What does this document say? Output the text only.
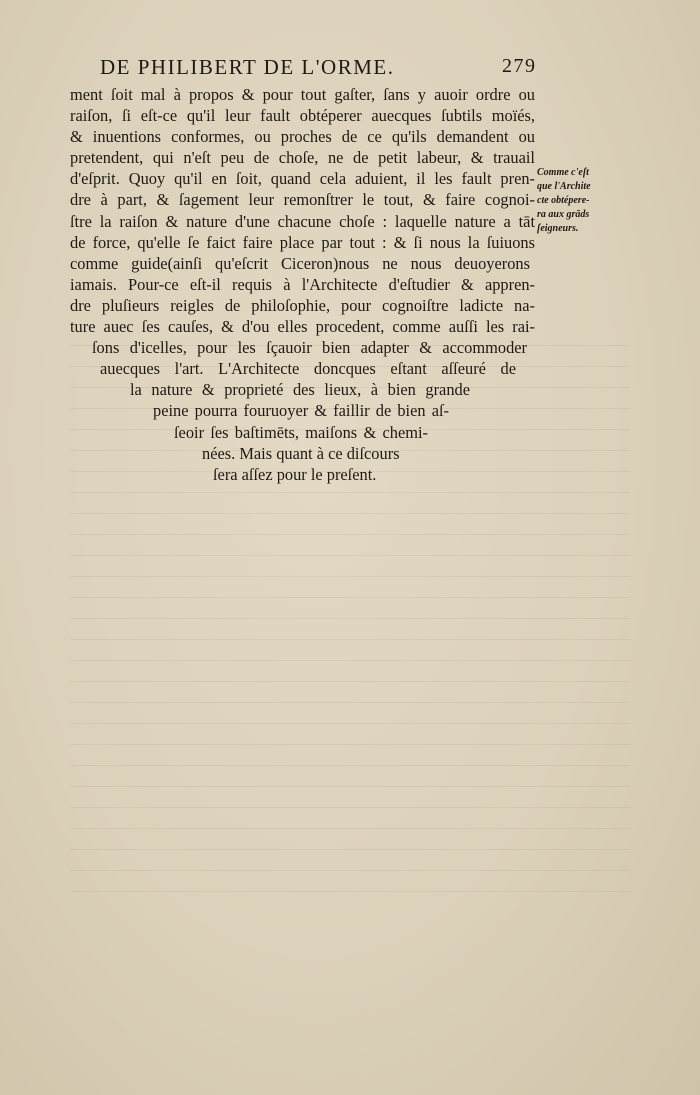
DE PHILIBERT DE L'ORME.	279
ment ſoit mal à propos & pour tout gaſter, ſans y auoir ordre ou
raiſon, ſi eſt-ce qu'il leur fault obtéperer auecques ſubtils moïés,
& inuentions conformes, ou proches de ce qu'ils demandent ou
pretendent, qui n'eſt peu de choſe, ne de petit labeur, & trauail
d'eſprit. Quoy qu'il en ſoit, quand cela aduient, il les fault pren-
dre à part, & ſagement leur remonſtrer le tout, & faire cognoi-
ſtre la raiſon & nature d'une chacune choſe : laquelle nature a tāt
de force, qu'elle ſe faict faire place par tout : & ſi nous la ſuiuons
comme guide(ainſi qu'eſcrit Ciceron)nous ne nous deuoyerons
iamais. Pour-ce eſt-il requis à l'Architecte d'eſtudier & appren-
dre pluſieurs reigles de philoſophie, pour cognoiſtre ladicte na-
ture auec ſes cauſes, & d'ou elles procedent, comme auſſi les rai-
ſons d'icelles, pour les ſçauoir bien adapter & accommoder
auecques l'art. L'Architecte doncques eſtant aſſeuré de
la nature & proprieté des lieux, à bien grande
peine pourra fouruoyer & faillir de bien aſ-
ſeoir ſes baſtimēts, maiſons & chemi-
nées. Mais quant à ce diſcours
ſera aſſez pour le preſent.
Comme c'eſt
que l'Archite
cte obtépere-
ra aux grāds
ſeigneurs.
